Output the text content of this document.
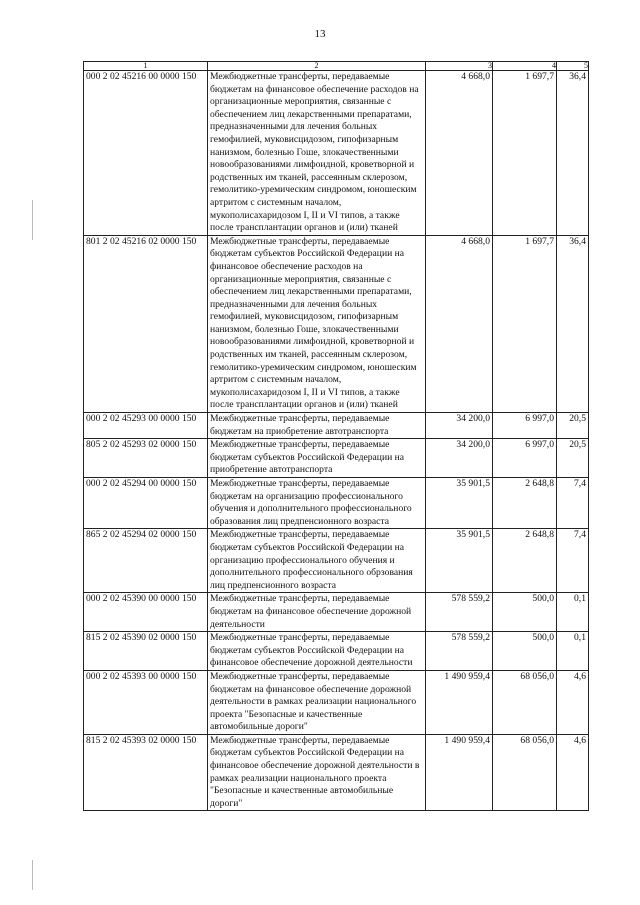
13
1	2	3	4	5
000 2 02 45216 00 0000 150	Межбюджетные трансферты, передаваемые бюджетам на финансовое обеспечение расходов на организационные мероприятия, связанные с обеспечением лиц лекарственными препаратами, предназначенными для лечения больных гемофилией, муковисцидозом, гипофизарным нанизмом, болезнью Гоше, злокачественными новообразованиями лимфоидной, кроветворной и родственных им тканей, рассеянным склерозом, гемолитико-уремическим синдромом, юношеским артритом с системным началом, мукополисахаридозом I, II и VI типов, а также после трансплантации органов и (или) тканей	4 668,0	1 697,7	36,4
801 2 02 45216 02 0000 150	Межбюджетные трансферты, передаваемые бюджетам субъектов Российской Федерации на финансовое обеспечение расходов на организационные мероприятия, связанные с обеспечением лиц лекарственными препаратами, предназначенными для лечения больных гемофилией, муковисцидозом, гипофизарным нанизмом, болезнью Гоше, злокачественными новообразованиями лимфоидной, кроветворной и родственных им тканей, рассеянным склерозом, гемолитико-уремическим синдромом, юношеским артритом с системным началом, мукополисахаридозом I, II и VI типов, а также после трансплантации органов и (или) тканей	4 668,0	1 697,7	36,4
000 2 02 45293 00 0000 150	Межбюджетные трансферты, передаваемые бюджетам на приобретение автотранспорта	34 200,0	6 997,0	20,5
805 2 02 45293 02 0000 150	Межбюджетные трансферты, передаваемые бюджетам субъектов Российской Федерации на приобретение автотранспорта	34 200,0	6 997,0	20,5
000 2 02 45294 00 0000 150	Межбюджетные трансферты, передаваемые бюджетам на организацию профессионального обучения и дополнительного профессионального образования лиц предпенсионного возраста	35 901,5	2 648,8	7,4
865 2 02 45294 02 0000 150	Межбюджетные трансферты, передаваемые бюджетам субъектов Российской Федерации на организацию профессионального обучения и дополнительного профессионального обрзования лиц предпенсионного возраста	35 901,5	2 648,8	7,4
000 2 02 45390 00 0000 150	Межбюджетные трансферты, передаваемые бюджетам на финансовое обеспечение дорожной деятельности	578 559,2	500,0	0,1
815 2 02 45390 02 0000 150	Межбюджетные трансферты, передаваемые бюджетам субъектов Российской Федерации на финансовое обеспечение дорожной деятельности	578 559,2	500,0	0,1
000 2 02 45393 00 0000 150	Межбюджетные трансферты, передаваемые бюджетам на финансовое обеспечение дорожной деятельности в рамках реализации национального проекта "Безопасные и качественные автомобильные дороги"	1 490 959,4	68 056,0	4,6
815 2 02 45393 02 0000 150	Межбюджетные трансферты, передаваемые бюджетам субъектов Российской Федерации на финансовое обеспечение дорожной деятельности в рамках реализации национального проекта "Безопасные и качественные автомобильные дороги"	1 490 959,4	68 056,0	4,6
